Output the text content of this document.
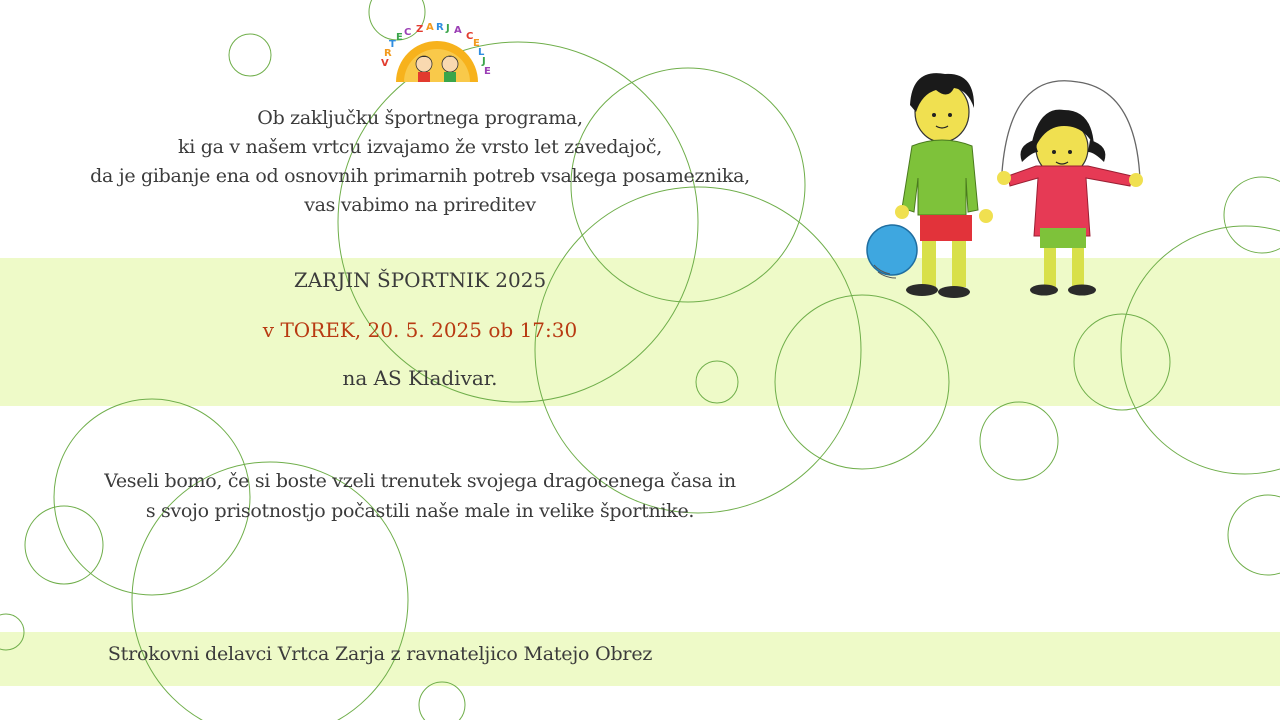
V
R
T
E C Z A R J A
C
E
L
J
E
Ob zaključku športnega programa,
ki ga v našem vrtcu izvajamo že vrsto let zavedajoč,
da je gibanje ena od osnovnih primarnih potreb vsakega posameznika,
vas vabimo na prireditev
ZARJIN ŠPORTNIK 2025
v TOREK, 20. 5. 2025 ob 17:30
na AS Kladivar.
Veseli bomo, če si boste vzeli trenutek svojega dragocenega časa in
s svojo prisotnostjo počastili naše male in velike športnike.
Strokovni delavci Vrtca Zarja z ravnateljico Matejo Obrez
